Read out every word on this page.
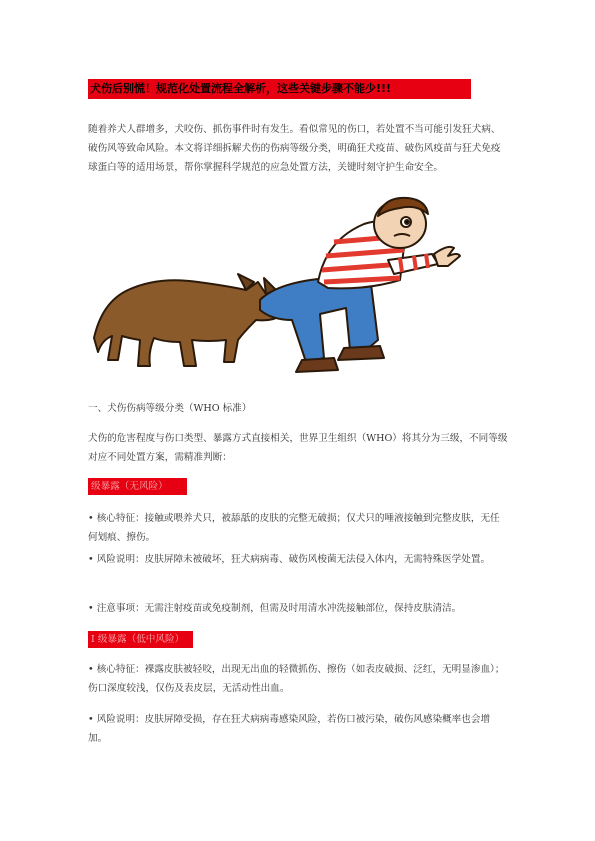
犬伤后别慌！规范化处置流程全解析，这些关键步骤不能少!!!
随着养犬人群增多，犬咬伤、抓伤事件时有发生。看似常见的伤口，若处置不当可能引发狂犬病、破伤风等致命风险。本文将详细拆解犬伤的伤病等级分类，明确狂犬疫苗、破伤风疫苗与狂犬免疫球蛋白等的适用场景，帮你掌握科学规范的应急处置方法，关键时刻守护生命安全。
一、犬伤伤病等级分类（WHO 标准）
犬伤的危害程度与伤口类型、暴露方式直接相关，世界卫生组织（WHO）将其分为三级，不同等级对应不同处置方案，需精准判断：
级暴露（无风险）
• 核心特征：接触或喂养犬只，被舔舐的皮肤的完整无破损；仅犬只的唾液接触到完整皮肤，无任何划痕、擦伤。
• 风险说明：皮肤屏障未被破坏，狂犬病病毒、破伤风梭菌无法侵入体内，无需特殊医学处置。
• 注意事项：无需注射疫苗或免疫制剂，但需及时用清水冲洗接触部位，保持皮肤清洁。
I 级暴露（低中风险）
• 核心特征：裸露皮肤被轻咬，出现无出血的轻微抓伤、擦伤（如表皮破损、泛红，无明显渗血）；伤口深度较浅，仅伤及表皮层，无活动性出血。
• 风险说明：皮肤屏障受损，存在狂犬病病毒感染风险，若伤口被污染，破伤风感染概率也会增加。
